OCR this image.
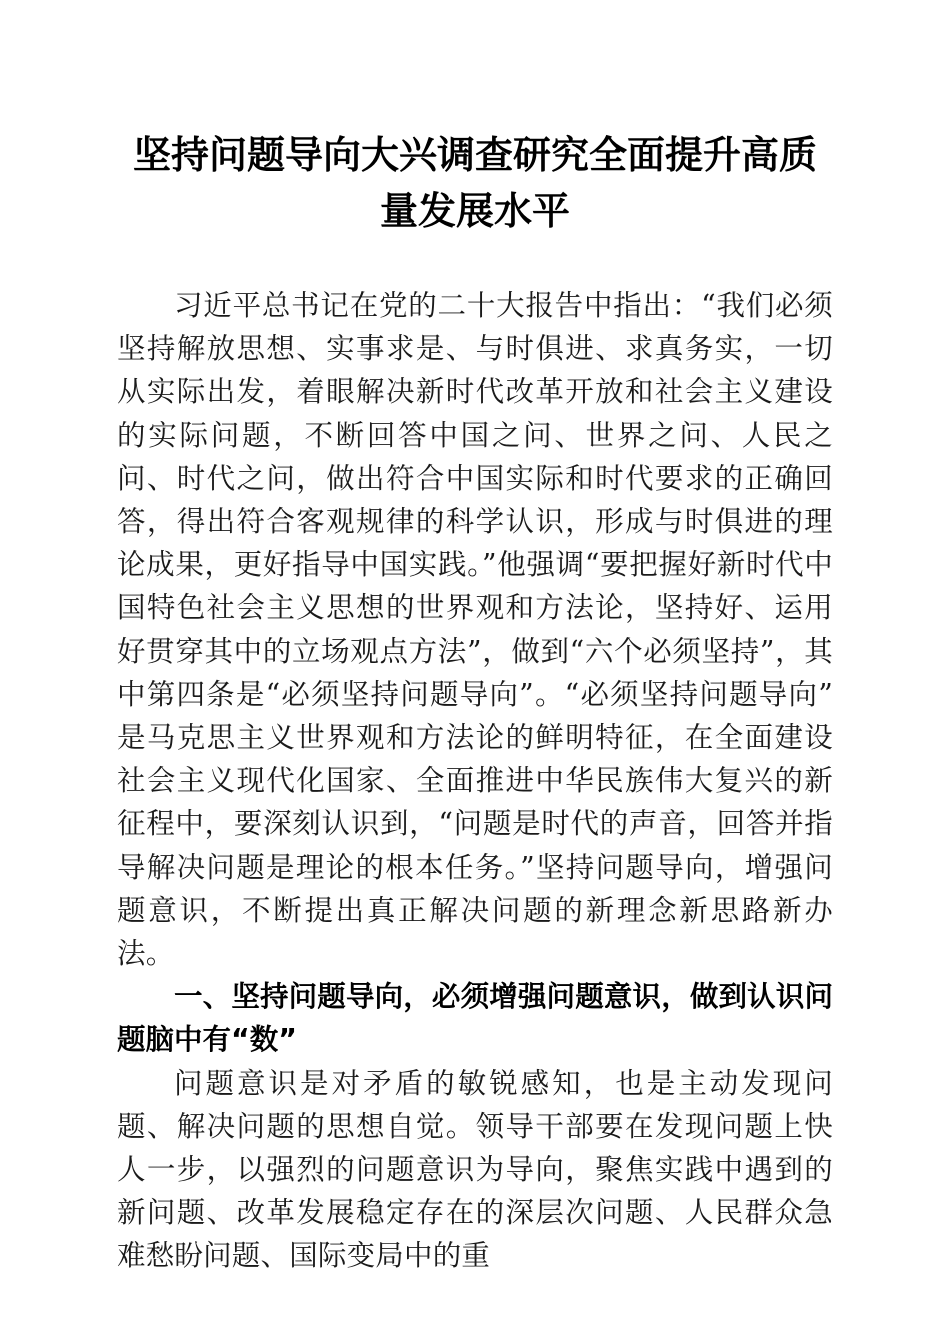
坚持问题导向大兴调查研究全面提升高质量发展水平

习近平总书记在党的二十大报告中指出：“我们必须坚持解放思想、实事求是、与时俱进、求真务实，一切从实际出发，着眼解决新时代改革开放和社会主义建设的实际问题，不断回答中国之问、世界之问、人民之问、时代之问，做出符合中国实际和时代要求的正确回答，得出符合客观规律的科学认识，形成与时俱进的理论成果，更好指导中国实践。”他强调“要把握好新时代中国特色社会主义思想的世界观和方法论，坚持好、运用好贯穿其中的立场观点方法”，做到“六个必须坚持”，其中第四条是“必须坚持问题导向”。“必须坚持问题导向”是马克思主义世界观和方法论的鲜明特征，在全面建设社会主义现代化国家、全面推进中华民族伟大复兴的新征程中，要深刻认识到，“问题是时代的声音，回答并指导解决问题是理论的根本任务。”坚持问题导向，增强问题意识，不断提出真正解决问题的新理念新思路新办法。

一、坚持问题导向，必须增强问题意识，做到认识问题脑中有“数”

问题意识是对矛盾的敏锐感知，也是主动发现问题、解决问题的思想自觉。领导干部要在发现问题上快人一步，以强烈的问题意识为导向，聚焦实践中遇到的新问题、改革发展稳定存在的深层次问题、人民群众急难愁盼问题、国际变局中的重
